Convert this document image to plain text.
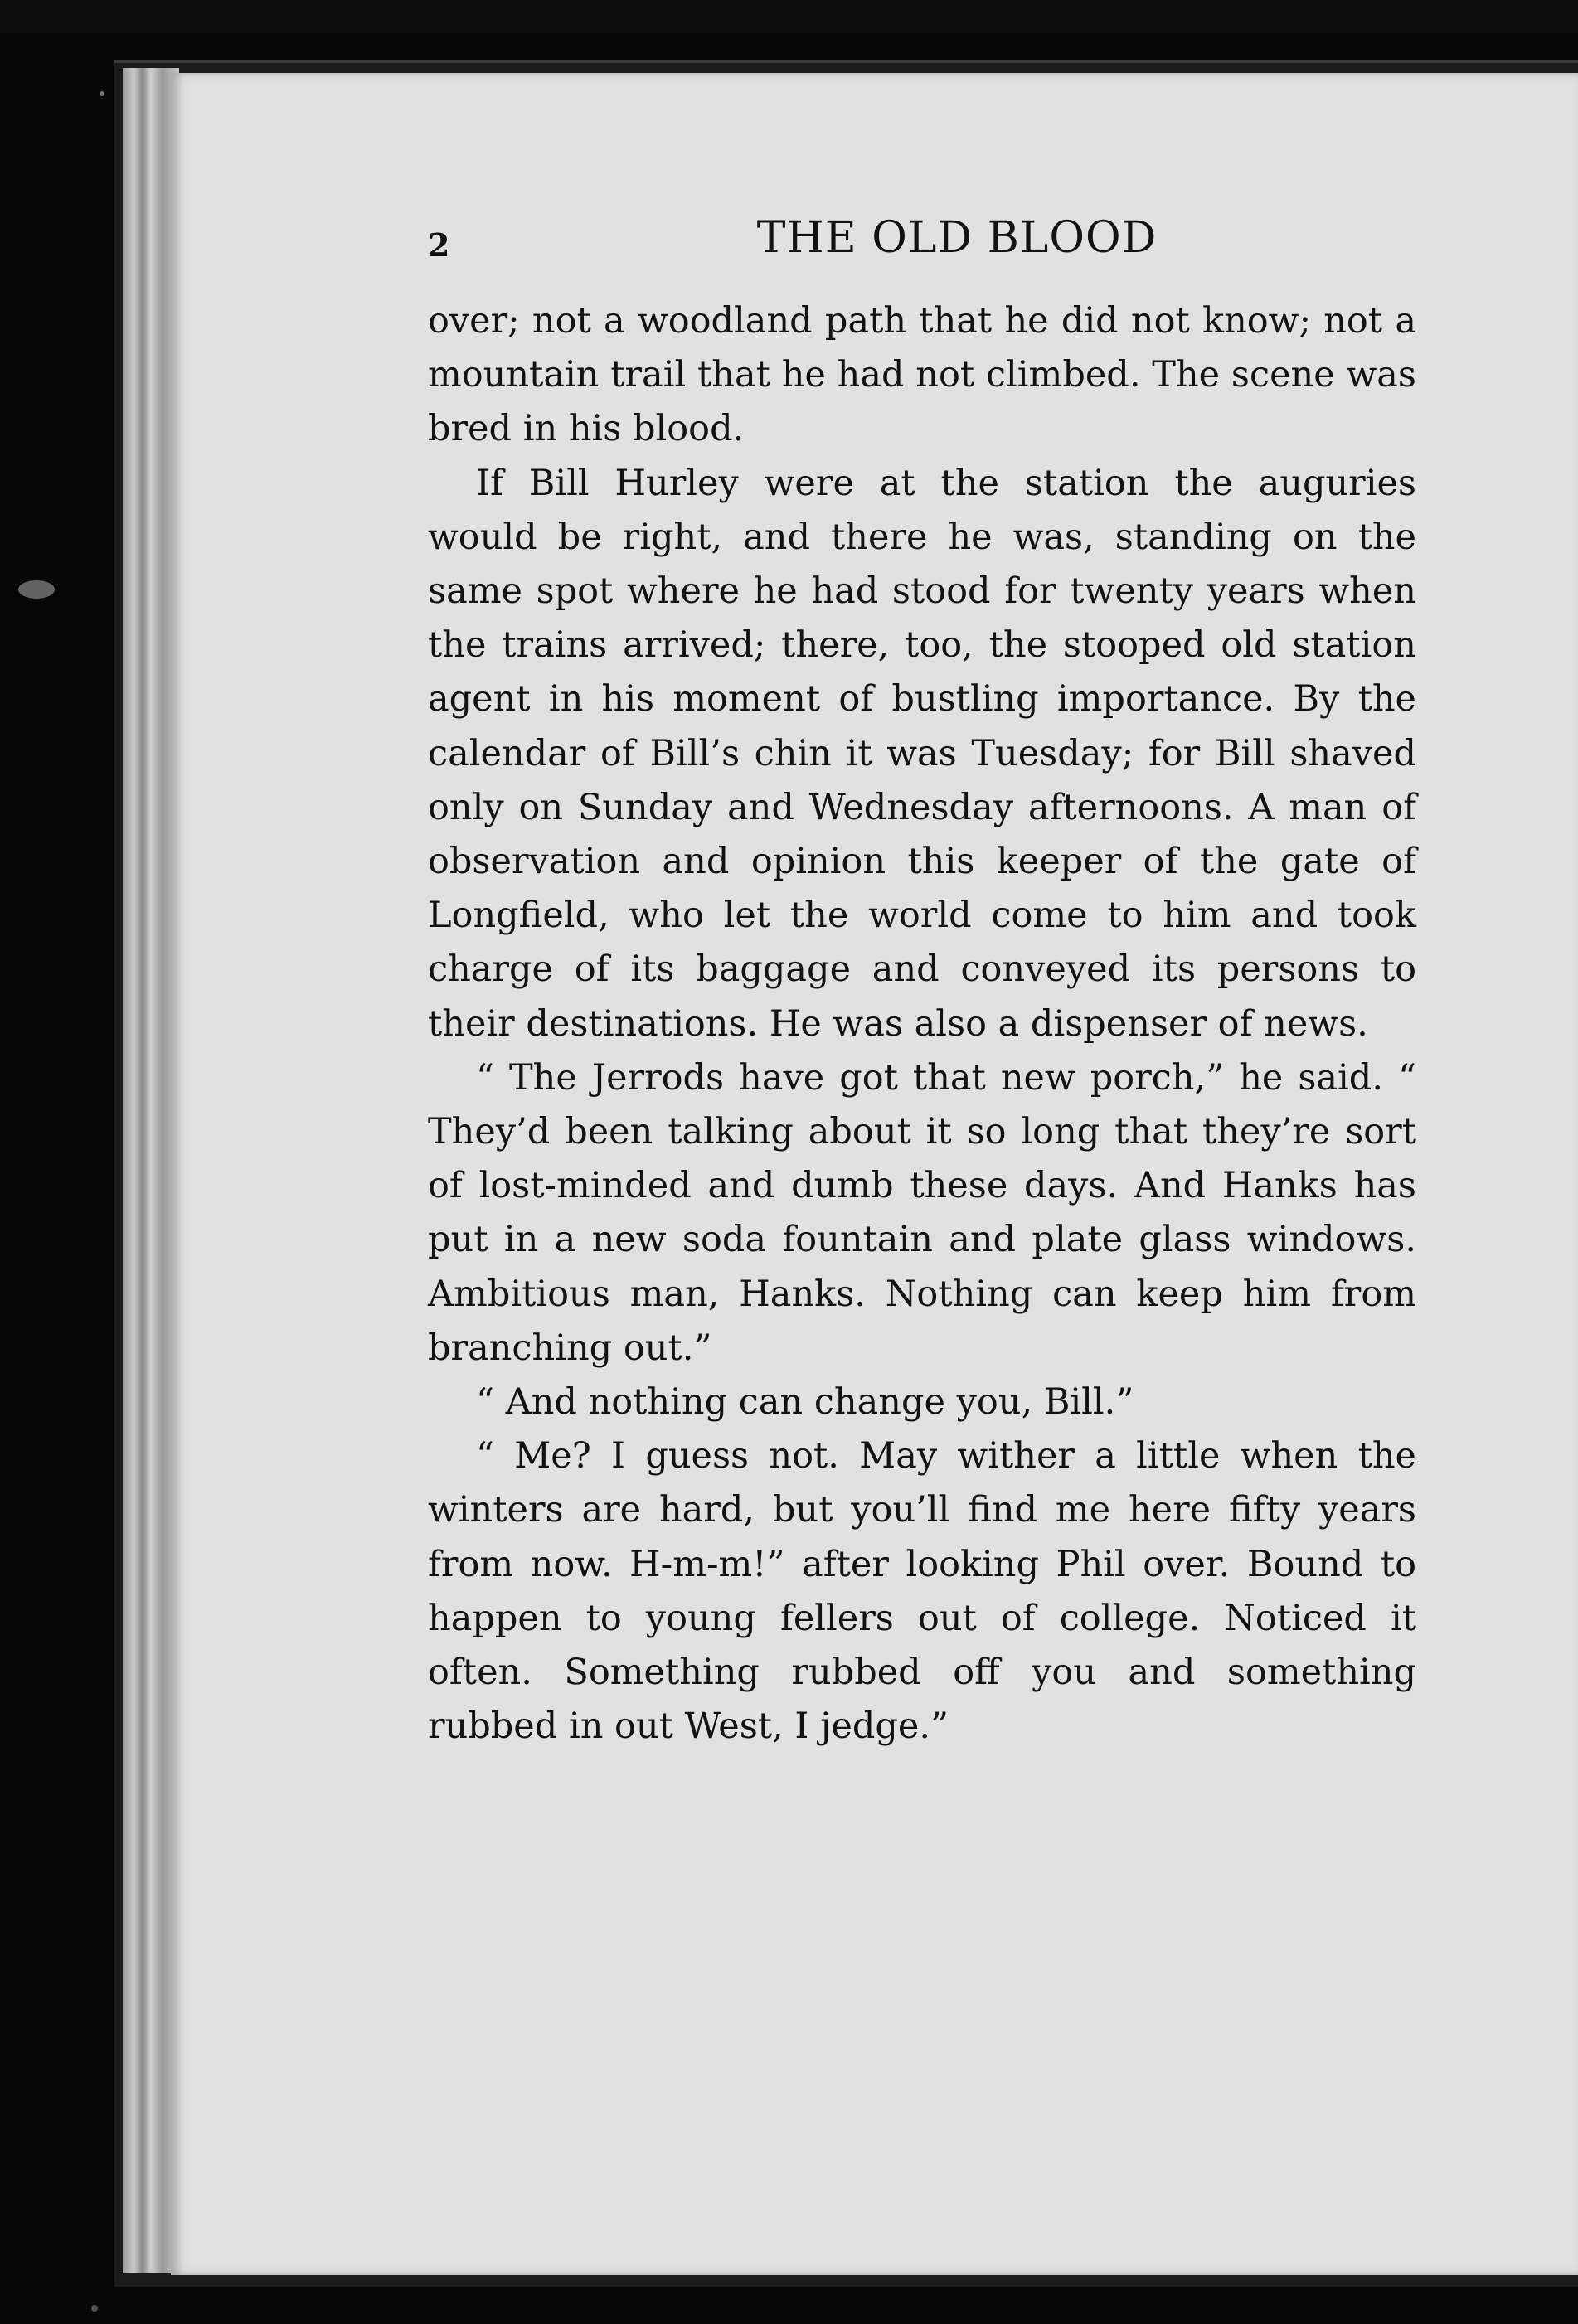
2	THE OLD BLOOD

over; not a woodland path that he did not know; not a mountain trail that he had not climbed. The scene was bred in his blood.

If Bill Hurley were at the station the auguries would be right, and there he was, standing on the same spot where he had stood for twenty years when the trains arrived; there, too, the stooped old station agent in his moment of bustling importance. By the calendar of Bill’s chin it was Tuesday; for Bill shaved only on Sunday and Wednesday afternoons. A man of observation and opinion this keeper of the gate of Longfield, who let the world come to him and took charge of its baggage and conveyed its persons to their destinations. He was also a dispenser of news.

“ The Jerrods have got that new porch,” he said. “ They’d been talking about it so long that they’re sort of lost-minded and dumb these days. And Hanks has put in a new soda fountain and plate glass windows. Ambitious man, Hanks. Nothing can keep him from branching out.”

“ And nothing can change you, Bill.”

“ Me? I guess not. May wither a little when the winters are hard, but you’ll find me here fifty years from now. H-m-m!” after looking Phil over. Bound to happen to young fellers out of college. Noticed it often. Something rubbed off you and something rubbed in out West, I jedge.”
